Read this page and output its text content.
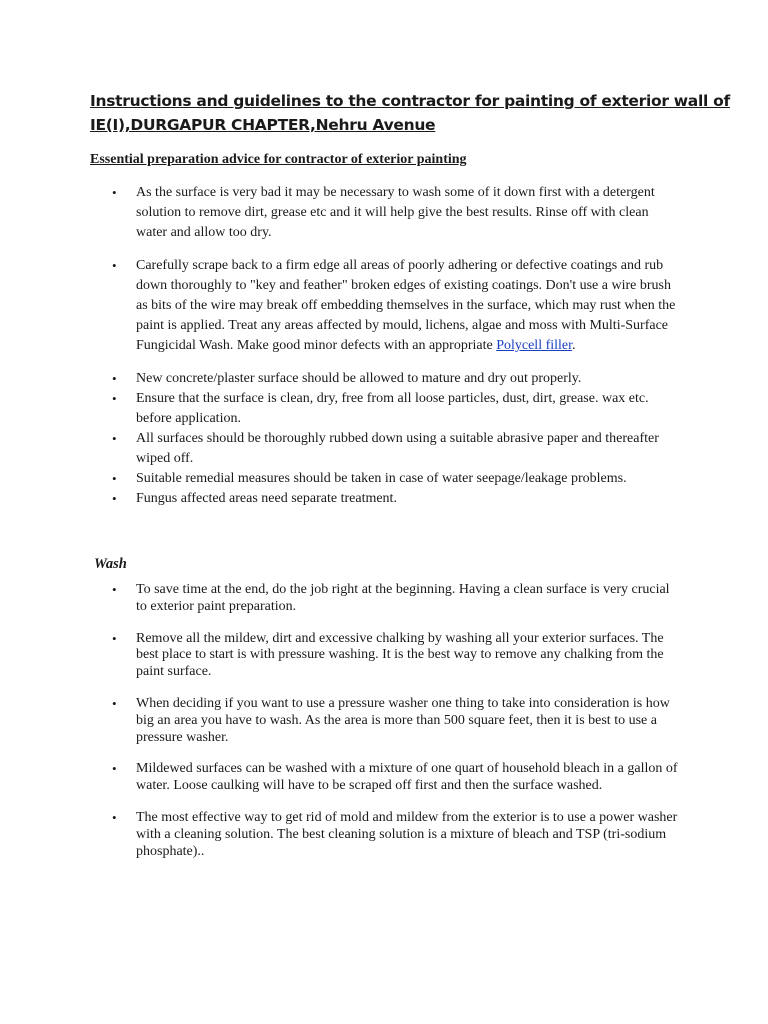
Instructions and guidelines to the contractor for painting of exterior wall of
IE(I),DURGAPUR CHAPTER,Nehru Avenue
Essential preparation advice for contractor of exterior painting
• As the surface is very bad it may be necessary to wash some of it down first with a detergent solution to remove dirt, grease etc and it will help give the best results. Rinse off with clean water and allow too dry.
• Carefully scrape back to a firm edge all areas of poorly adhering or defective coatings and rub down thoroughly to "key and feather" broken edges of existing coatings. Don't use a wire brush as bits of the wire may break off embedding themselves in the surface, which may rust when the paint is applied. Treat any areas affected by mould, lichens, algae and moss with Multi-Surface Fungicidal Wash. Make good minor defects with an appropriate Polycell filler.
• New concrete/plaster surface should be allowed to mature and dry out properly.
• Ensure that the surface is clean, dry, free from all loose particles, dust, dirt, grease. wax etc. before application.
• All surfaces should be thoroughly rubbed down using a suitable abrasive paper and thereafter wiped off.
• Suitable remedial measures should be taken in case of water seepage/leakage problems.
• Fungus affected areas need separate treatment.
Wash
• To save time at the end, do the job right at the beginning. Having a clean surface is very crucial to exterior paint preparation.
• Remove all the mildew, dirt and excessive chalking by washing all your exterior surfaces. The best place to start is with pressure washing. It is the best way to remove any chalking from the paint surface.
• When deciding if you want to use a pressure washer one thing to take into consideration is how big an area you have to wash. As the area is more than 500 square feet, then it is best to use a pressure washer.
• Mildewed surfaces can be washed with a mixture of one quart of household bleach in a gallon of water. Loose caulking will have to be scraped off first and then the surface washed.
• The most effective way to get rid of mold and mildew from the exterior is to use a power washer with a cleaning solution. The best cleaning solution is a mixture of bleach and TSP (tri-sodium phosphate)..
